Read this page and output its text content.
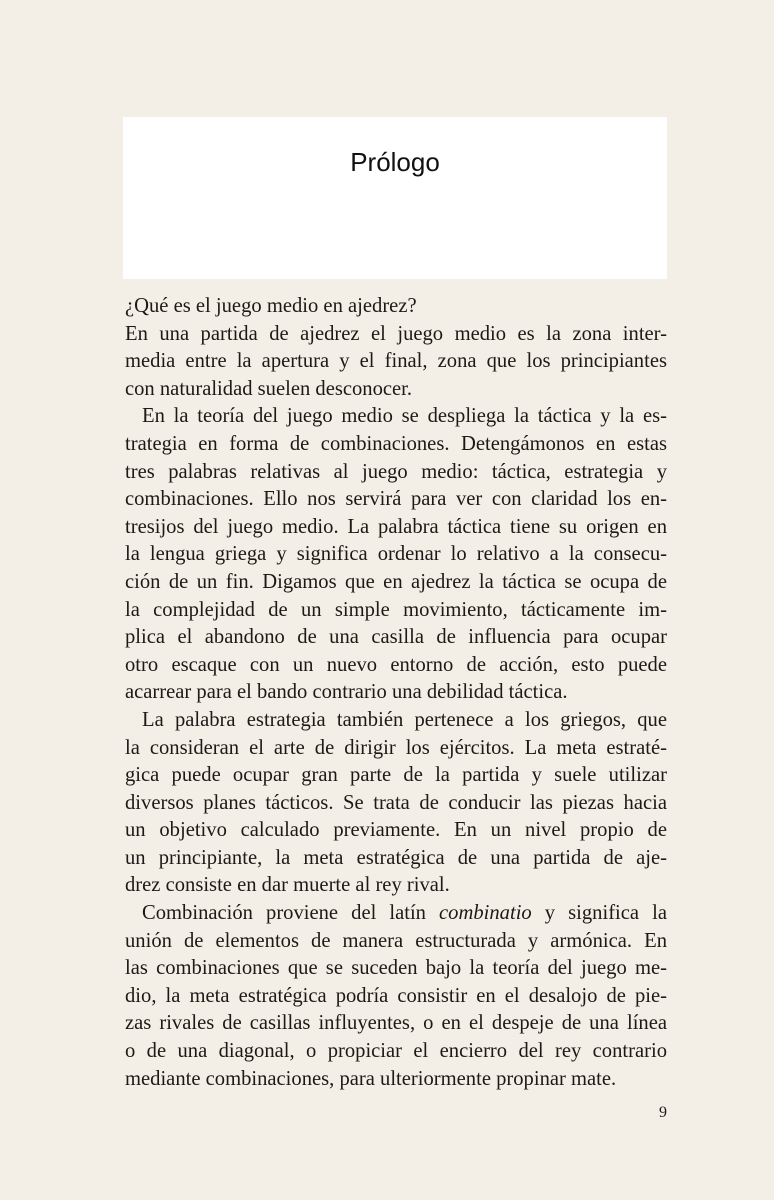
Prólogo
¿Qué es el juego medio en ajedrez?
En una partida de ajedrez el juego medio es la zona inter-
media entre la apertura y el final, zona que los principiantes
con naturalidad suelen desconocer.
En la teoría del juego medio se despliega la táctica y la es-
trategia en forma de combinaciones. Detengámonos en estas
tres palabras relativas al juego medio: táctica, estrategia y
combinaciones. Ello nos servirá para ver con claridad los en-
tresijos del juego medio. La palabra táctica tiene su origen en
la lengua griega y significa ordenar lo relativo a la consecu-
ción de un fin. Digamos que en ajedrez la táctica se ocupa de
la complejidad de un simple movimiento, tácticamente im-
plica el abandono de una casilla de influencia para ocupar
otro escaque con un nuevo entorno de acción, esto puede
acarrear para el bando contrario una debilidad táctica.
La palabra estrategia también pertenece a los griegos, que
la consideran el arte de dirigir los ejércitos. La meta estraté-
gica puede ocupar gran parte de la partida y suele utilizar
diversos planes tácticos. Se trata de conducir las piezas hacia
un objetivo calculado previamente. En un nivel propio de
un principiante, la meta estratégica de una partida de aje-
drez consiste en dar muerte al rey rival.
Combinación proviene del latín combinatio y significa la
unión de elementos de manera estructurada y armónica. En
las combinaciones que se suceden bajo la teoría del juego me-
dio, la meta estratégica podría consistir en el desalojo de pie-
zas rivales de casillas influyentes, o en el despeje de una línea
o de una diagonal, o propiciar el encierro del rey contrario
mediante combinaciones, para ulteriormente propinar mate.
9
